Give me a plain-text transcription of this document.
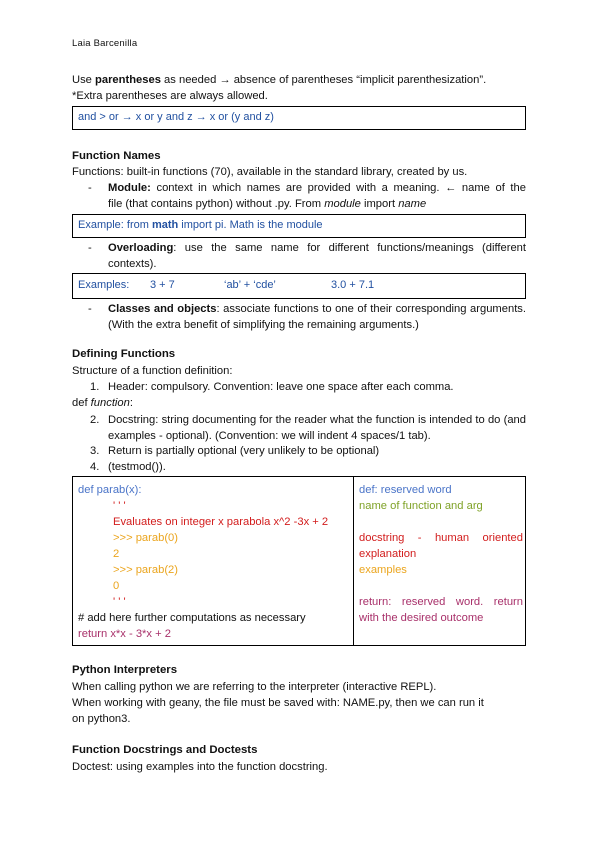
Laia Barcenilla
Use parentheses as needed → absence of parentheses “implicit parenthesization”.
*Extra parentheses are always allowed.
and > or → x or y and z → x or (y and z)
Function Names
Functions: built-in functions (70), available in the standard library, created by us.
- Module: context in which names are provided with a meaning. ← name of the
file (that contains python) without .py. From module import name
Example: from math import pi. Math is the module
- Overloading: use the same name for different functions/meanings (different contexts).
Examples: 3 + 7	‘ab’ + ‘cde’	3.0 + 7.1
- Classes and objects: associate functions to one of their corresponding arguments. (With the extra benefit of simplifying the remaining arguments.)
Defining Functions
Structure of a function definition:
1. Header: compulsory. Convention: leave one space after each comma.
def function:
2. Docstring: string documenting for the reader what the function is intended to do (and examples - optional). (Convention: we will indent 4 spaces/1 tab).
3. Return is partially optional (very unlikely to be optional)
4. (testmod()).
def parab(x):
' ' '
Evaluates on integer x parabola x^2 -3x + 2
>>> parab(0)
2
>>> parab(2)
0
' ' '
# add here further computations as necessary
return x*x - 3*x + 2
def: reserved word
name of function and arg
docstring - human oriented explanation
examples
return: reserved word. return with the desired outcome
Python Interpreters
When calling python we are referring to the interpreter (interactive REPL).
When working with geany, the file must be saved with: NAME.py, then we can run it
on python3.
Function Docstrings and Doctests
Doctest: using examples into the function docstring.
